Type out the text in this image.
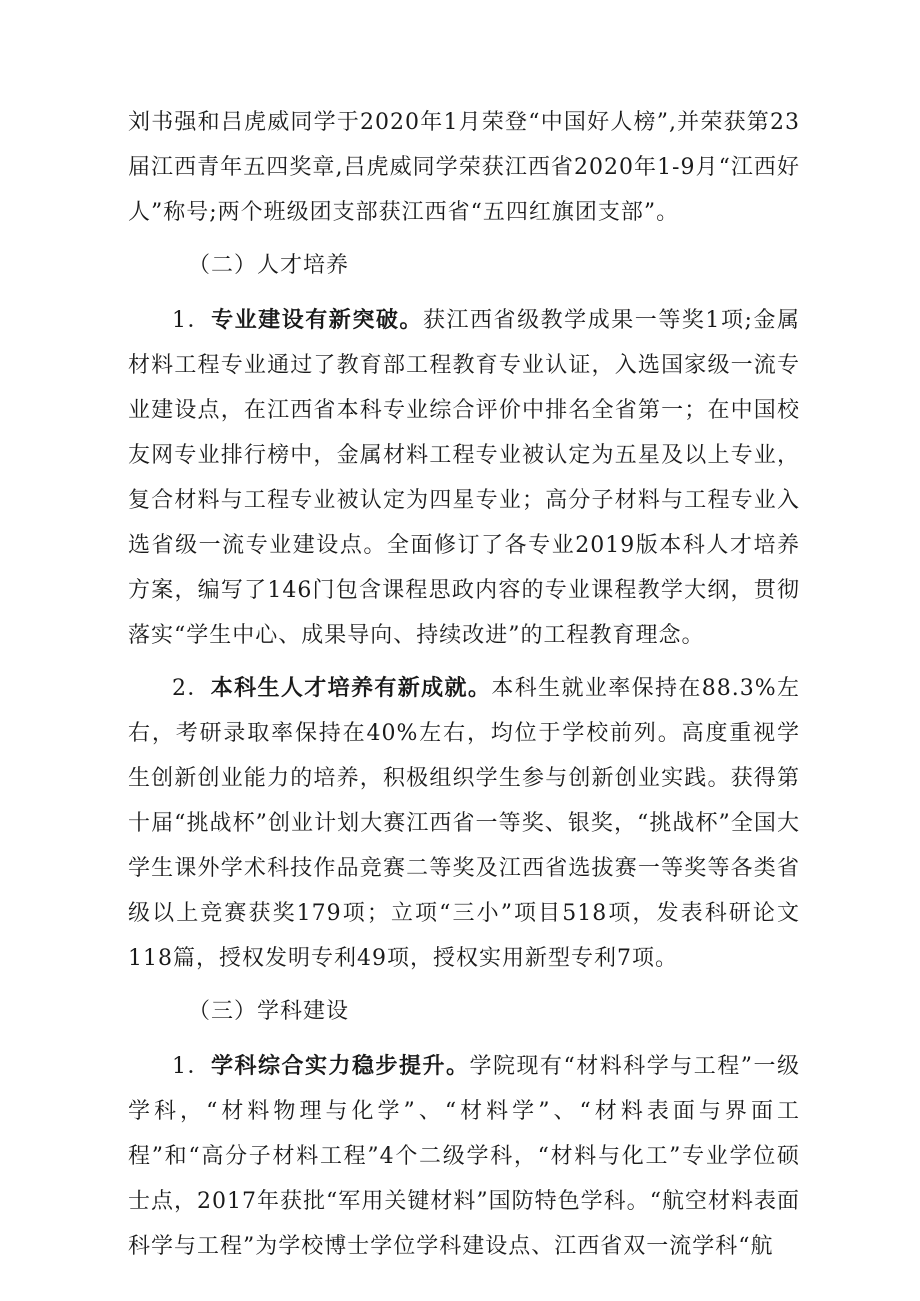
刘书强和吕虎威同学于2020年1月荣登“中国好人榜”,并荣获第23届江西青年五四奖章,吕虎威同学荣获江西省2020年1-9月“江西好人”称号;两个班级团支部获江西省“五四红旗团支部”。

（二）人才培养

1．专业建设有新突破。获江西省级教学成果一等奖1项;金属材料工程专业通过了教育部工程教育专业认证，入选国家级一流专业建设点，在江西省本科专业综合评价中排名全省第一；在中国校友网专业排行榜中，金属材料工程专业被认定为五星及以上专业，复合材料与工程专业被认定为四星专业；高分子材料与工程专业入选省级一流专业建设点。全面修订了各专业2019版本科人才培养方案，编写了146门包含课程思政内容的专业课程教学大纲，贯彻落实“学生中心、成果导向、持续改进”的工程教育理念。

2．本科生人才培养有新成就。本科生就业率保持在88.3%左右，考研录取率保持在40%左右，均位于学校前列。高度重视学生创新创业能力的培养，积极组织学生参与创新创业实践。获得第十届“挑战杯”创业计划大赛江西省一等奖、银奖，“挑战杯”全国大学生课外学术科技作品竞赛二等奖及江西省选拔赛一等奖等各类省级以上竞赛获奖179项；立项“三小”项目518项，发表科研论文118篇，授权发明专利49项，授权实用新型专利7项。

（三）学科建设

1．学科综合实力稳步提升。学院现有“材料科学与工程”一级学科，“材料物理与化学”、“材料学”、“材料表面与界面工程”和“高分子材料工程”4个二级学科，“材料与化工”专业学位硕士点，2017年获批“军用关键材料”国防特色学科。“航空材料表面科学与工程”为学校博士学位学科建设点、江西省双一流学科“航
